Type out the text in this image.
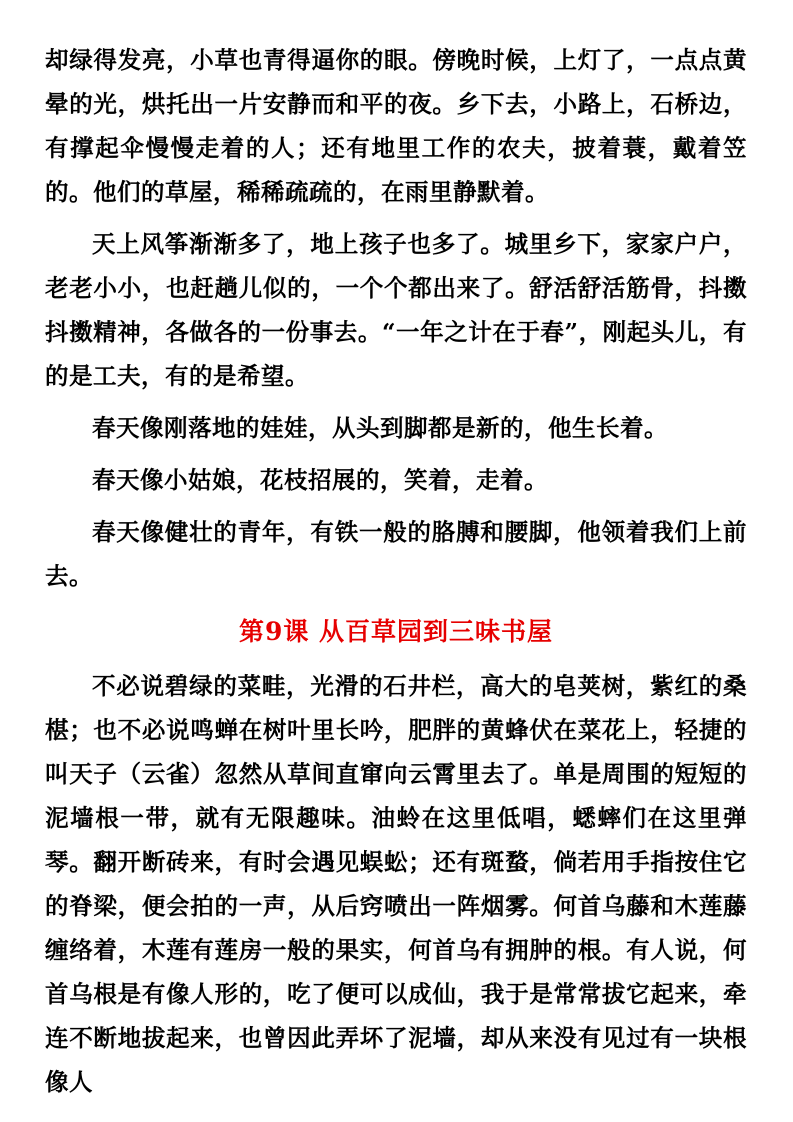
却绿得发亮，小草也青得逼你的眼。傍晚时候，上灯了，一点点黄晕的光，烘托出一片安静而和平的夜。乡下去，小路上，石桥边，有撑起伞慢慢走着的人；还有地里工作的农夫，披着蓑，戴着笠的。他们的草屋，稀稀疏疏的，在雨里静默着。

天上风筝渐渐多了，地上孩子也多了。城里乡下，家家户户，老老小小，也赶趟儿似的，一个个都出来了。舒活舒活筋骨，抖擞抖擞精神，各做各的一份事去。“一年之计在于春”，刚起头儿，有的是工夫，有的是希望。

春天像刚落地的娃娃，从头到脚都是新的，他生长着。

春天像小姑娘，花枝招展的，笑着，走着。

春天像健壮的青年，有铁一般的胳膊和腰脚，他领着我们上前去。

第9课 从百草园到三味书屋

不必说碧绿的菜畦，光滑的石井栏，高大的皂荚树，紫红的桑椹；也不必说鸣蝉在树叶里长吟，肥胖的黄蜂伏在菜花上，轻捷的叫天子（云雀）忽然从草间直窜向云霄里去了。单是周围的短短的泥墙根一带，就有无限趣味。油蛉在这里低唱，蟋蟀们在这里弹琴。翻开断砖来，有时会遇见蜈蚣；还有斑蝥，倘若用手指按住它的脊梁，便会拍的一声，从后窍喷出一阵烟雾。何首乌藤和木莲藤缠络着，木莲有莲房一般的果实，何首乌有拥肿的根。有人说，何首乌根是有像人形的，吃了便可以成仙，我于是常常拔它起来，牵连不断地拔起来，也曾因此弄坏了泥墙，却从来没有见过有一块根像人
